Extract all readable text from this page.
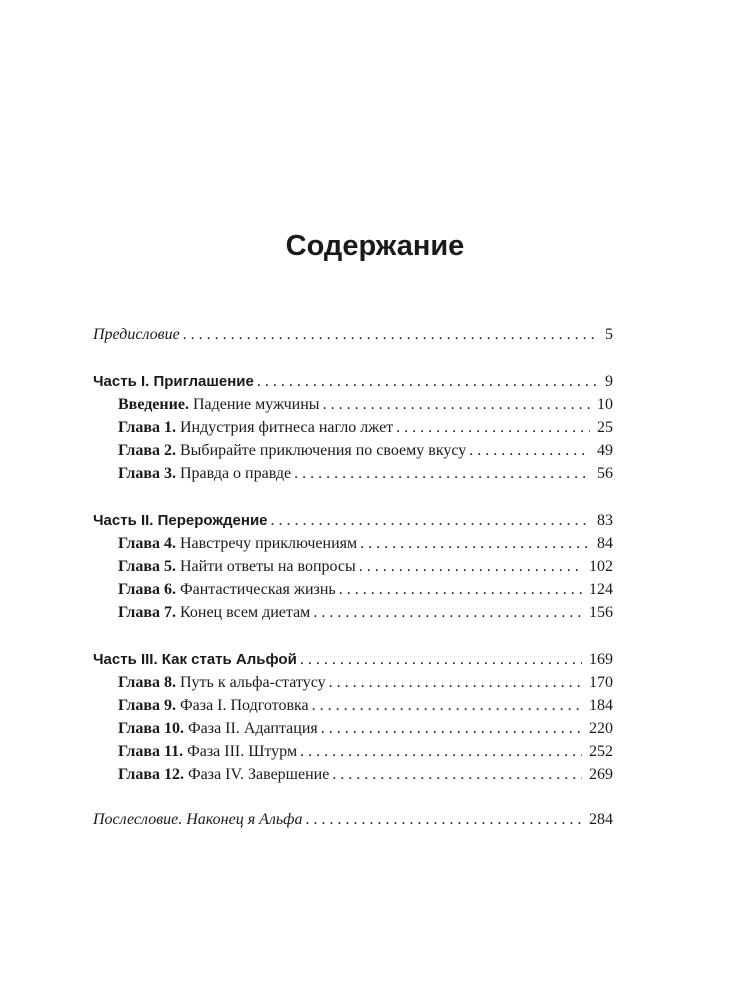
Содержание
Предисловие . . .	5
Часть I. Приглашение . . .	9
Введение. Падение мужчины . . .	10
Глава 1. Индустрия фитнеса нагло лжет . . .	25
Глава 2. Выбирайте приключения по своему вкусу . . .	49
Глава 3. Правда о правде . . .	56
Часть II. Перерождение . . .	83
Глава 4. Навстречу приключениям . . .	84
Глава 5. Найти ответы на вопросы . . .	102
Глава 6. Фантастическая жизнь . . .	124
Глава 7. Конец всем диетам . . .	156
Часть III. Как стать Альфой . . .	169
Глава 8. Путь к альфа-статусу . . .	170
Глава 9. Фаза I. Подготовка . . .	184
Глава 10. Фаза II. Адаптация . . .	220
Глава 11. Фаза III. Штурм . . .	252
Глава 12. Фаза IV. Завершение . . .	269
Послесловие. Наконец я Альфа . . .	284
